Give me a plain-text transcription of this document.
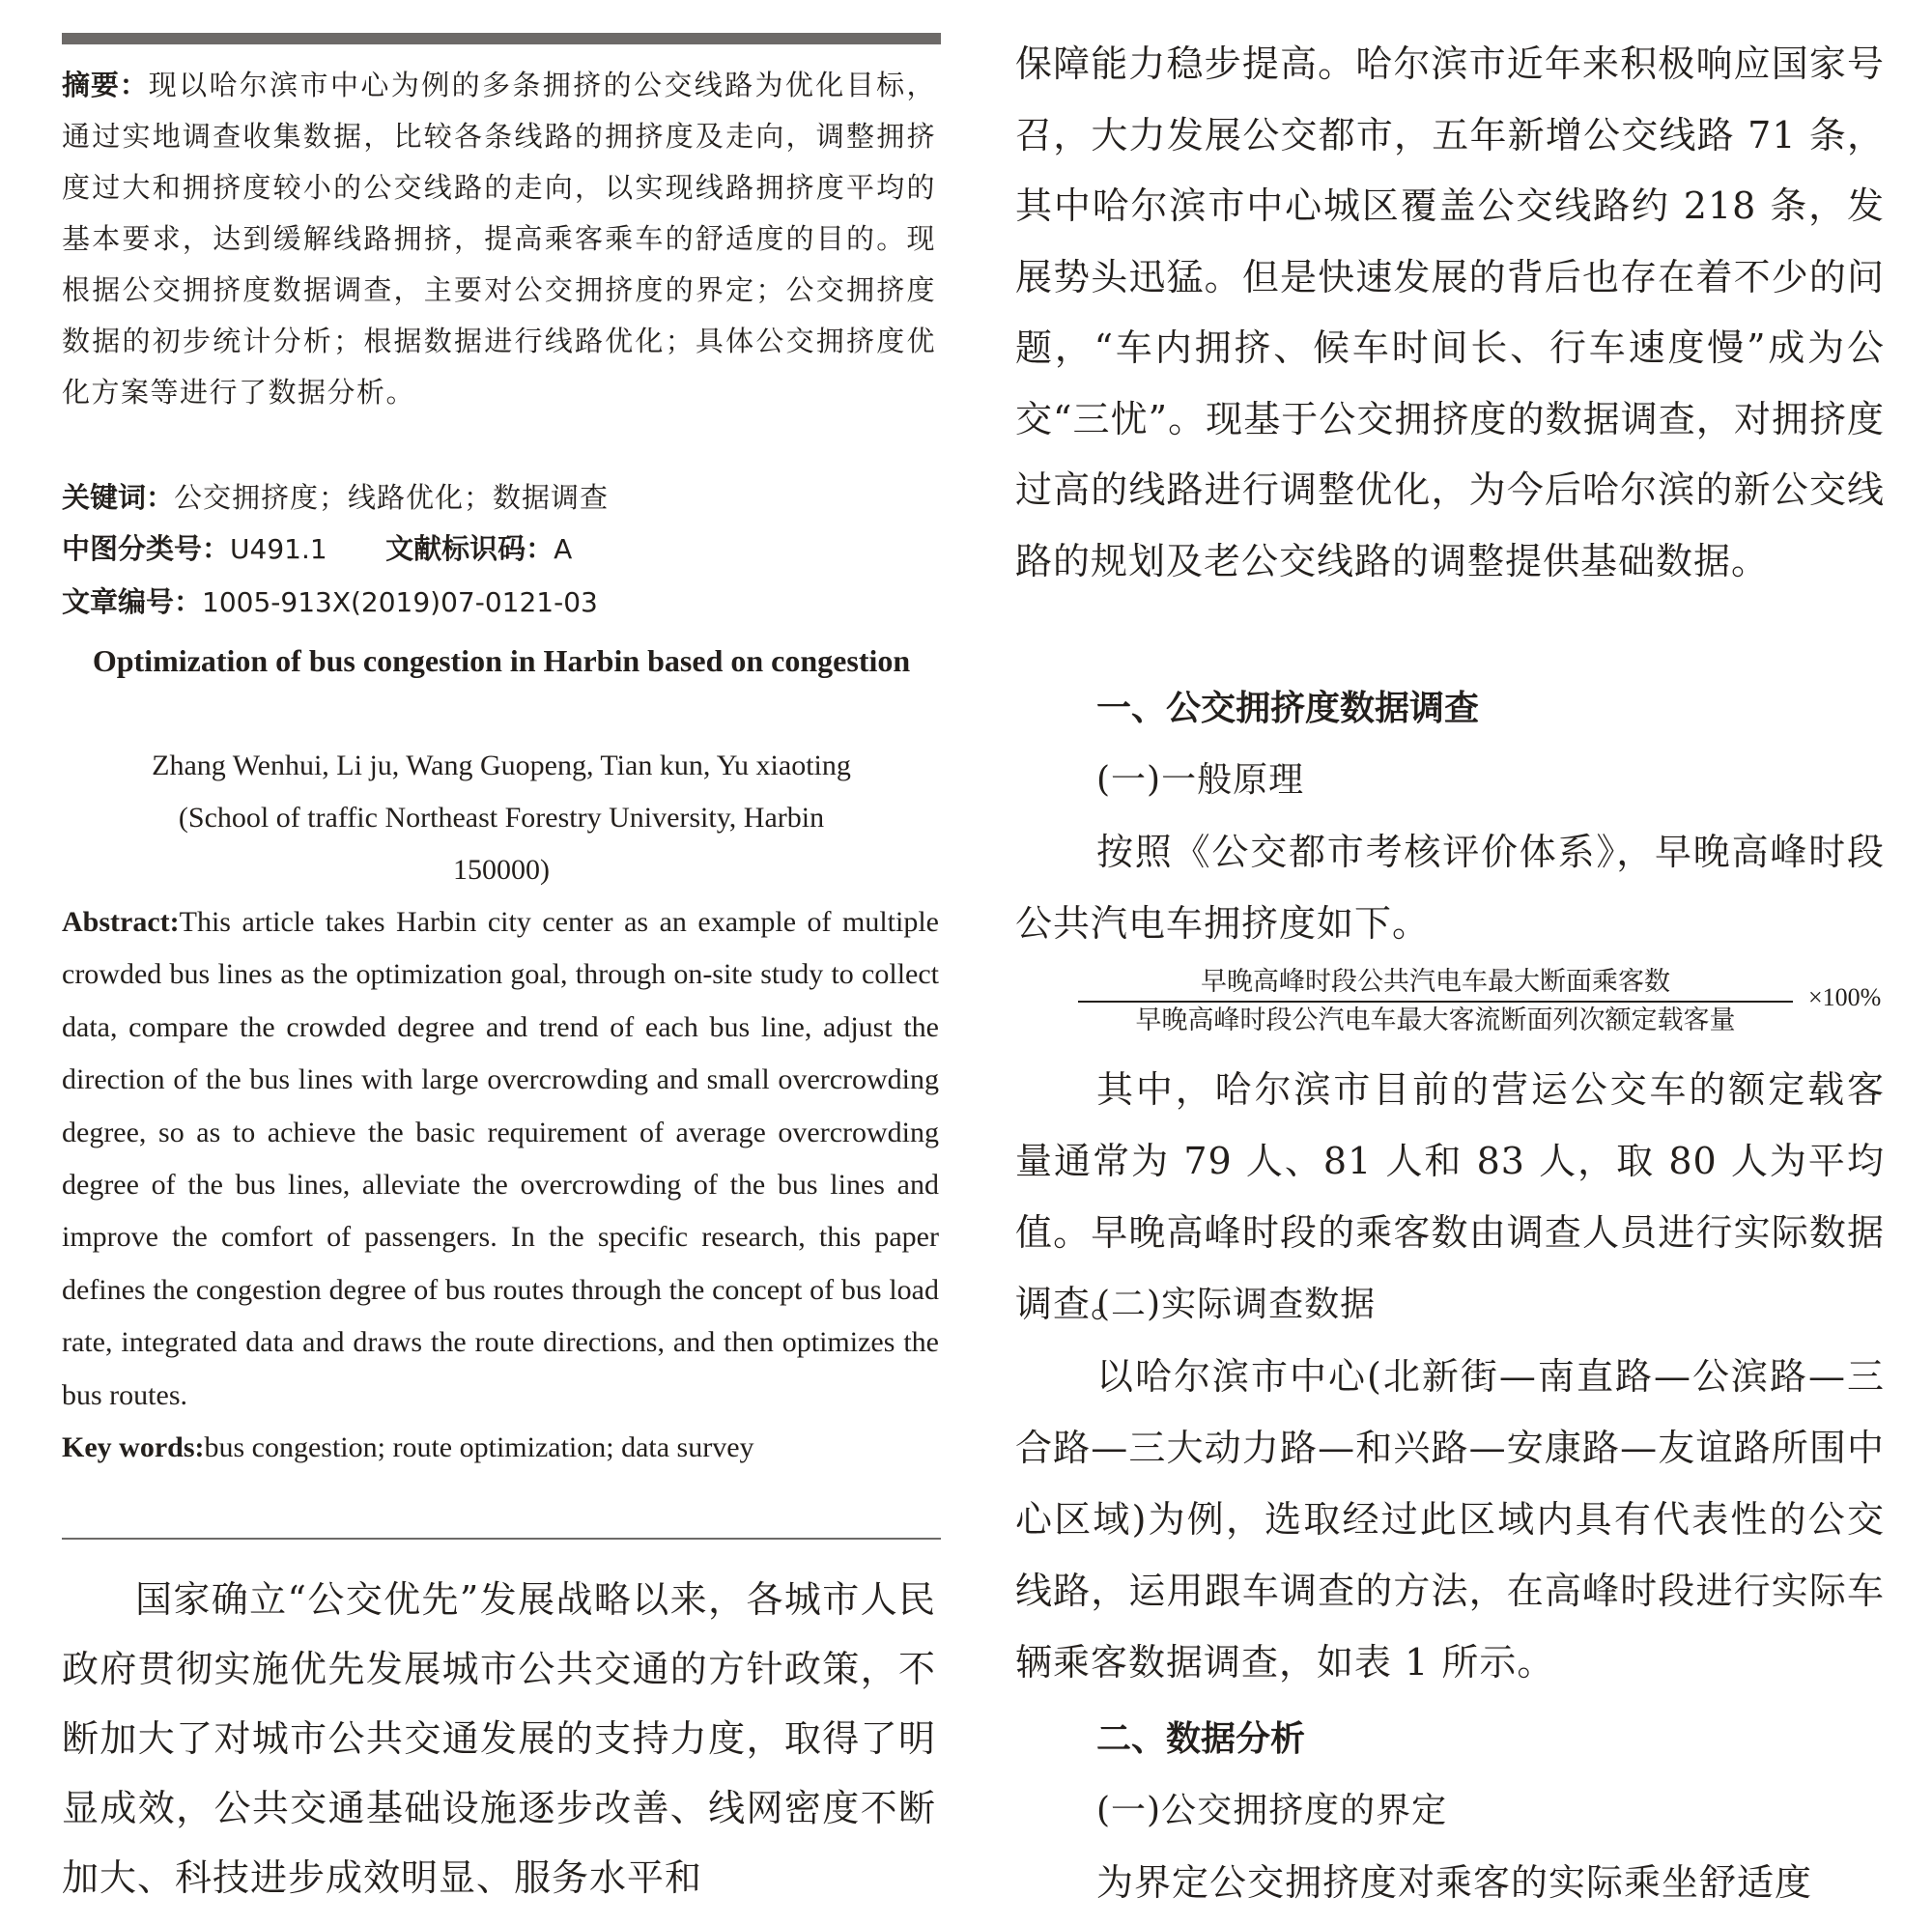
摘要：现以哈尔滨市中心为例的多条拥挤的公交线路为优化目标，通过实地调查收集数据，比较各条线路的拥挤度及走向，调整拥挤度过大和拥挤度较小的公交线路的走向，以实现线路拥挤度平均的基本要求，达到缓解线路拥挤，提高乘客乘车的舒适度的目的。现根据公交拥挤度数据调查，主要对公交拥挤度的界定；公交拥挤度数据的初步统计分析；根据数据进行线路优化；具体公交拥挤度优化方案等进行了数据分析。
关键词：公交拥挤度；线路优化；数据调查
中图分类号：U491.1 文献标识码：A
文章编号：1005-913X(2019)07-0121-03
Optimization of bus congestion in Harbin based on congestion
Zhang Wenhui, Li ju, Wang Guopeng, Tian kun, Yu xiaoting
(School of traffic Northeast Forestry University, Harbin 150000)
Abstract:This article takes Harbin city center as an example of multiple crowded bus lines as the optimization goal, through on-site study to collect data, compare the crowded degree and trend of each bus line, adjust the direction of the bus lines with large overcrowding and small overcrowding degree, so as to achieve the basic requirement of average overcrowding degree of the bus lines, alleviate the overcrowding of the bus lines and improve the comfort of passengers. In the specific research, this paper defines the congestion degree of bus routes through the concept of bus load rate, integrated data and draws the route directions, and then optimizes the bus routes.
Key words:bus congestion; route optimization; data survey
国家确立“公交优先”发展战略以来，各城市人民政府贯彻实施优先发展城市公共交通的方针政策，不断加大了对城市公共交通发展的支持力度，取得了明显成效，公共交通基础设施逐步改善、线网密度不断加大、科技进步成效明显、服务水平和
保障能力稳步提高。哈尔滨市近年来积极响应国家号召，大力发展公交都市，五年新增公交线路 71 条，其中哈尔滨市中心城区覆盖公交线路约 218 条，发展势头迅猛。但是快速发展的背后也存在着不少的问题，“车内拥挤、候车时间长、行车速度慢”成为公交“三忧”。现基于公交拥挤度的数据调查，对拥挤度过高的线路进行调整优化，为今后哈尔滨的新公交线路的规划及老公交线路的调整提供基础数据。
一、公交拥挤度数据调查
(一)一般原理
按照《公交都市考核评价体系》，早晚高峰时段公共汽电车拥挤度如下。
早晚高峰时段公共汽电车最大断面乘客数
早晚高峰时段公汽电车最大客流断面列次额定载客量
×100%
其中，哈尔滨市目前的营运公交车的额定载客量通常为 79 人、81 人和 83 人，取 80 人为平均值。早晚高峰时段的乘客数由调查人员进行实际数据调查。
(二)实际调查数据
以哈尔滨市中心(北新街—南直路—公滨路—三合路—三大动力路—和兴路—安康路—友谊路所围中心区域)为例，选取经过此区域内具有代表性的公交线路，运用跟车调查的方法，在高峰时段进行实际车辆乘客数据调查，如表 1 所示。
二、数据分析
(一)公交拥挤度的界定
为界定公交拥挤度对乘客的实际乘坐舒适度
